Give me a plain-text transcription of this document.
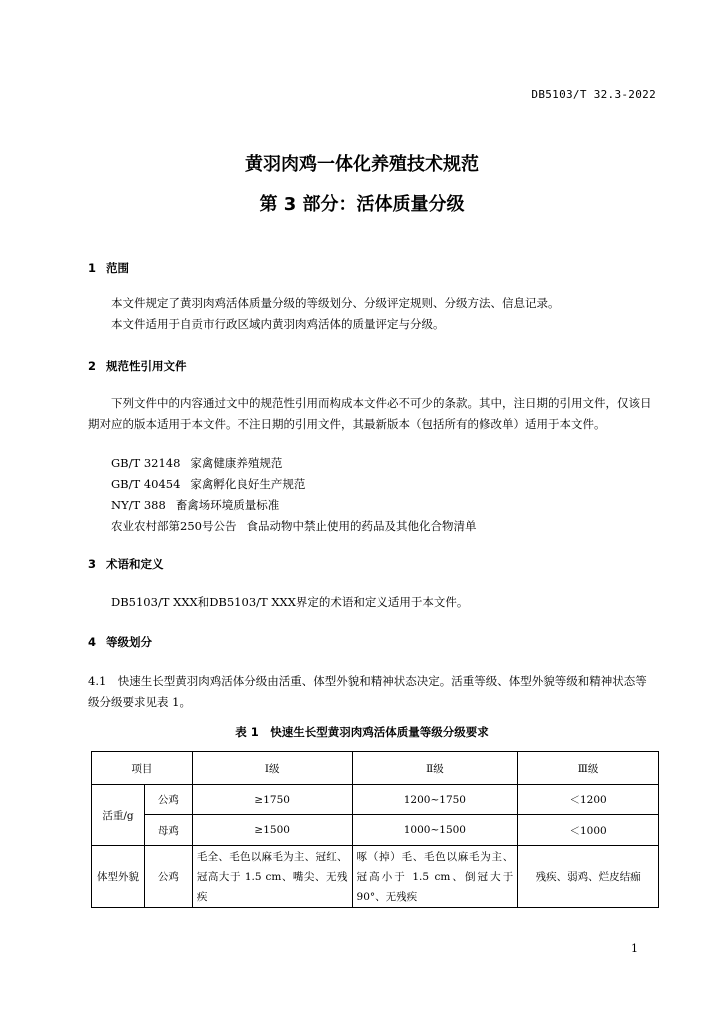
DB5103/T 32.3-2022
黄羽肉鸡一体化养殖技术规范
第 3 部分：活体质量分级
1 范围
本文件规定了黄羽肉鸡活体质量分级的等级划分、分级评定规则、分级方法、信息记录。
本文件适用于自贡市行政区域内黄羽肉鸡活体的质量评定与分级。
2 规范性引用文件
下列文件中的内容通过文中的规范性引用而构成本文件必不可少的条款。其中，注日期的引用文件，仅该日期对应的版本适用于本文件。不注日期的引用文件，其最新版本（包括所有的修改单）适用于本文件。
GB/T 32148 家禽健康养殖规范
GB/T 40454 家禽孵化良好生产规范
NY/T 388 畜禽场环境质量标准
农业农村部第250号公告 食品动物中禁止使用的药品及其他化合物清单
3 术语和定义
DB5103/T XXX和DB5103/T XXX界定的术语和定义适用于本文件。
4 等级划分
4.1　 快速生长型黄羽肉鸡活体分级由活重、体型外貌和精神状态决定。活重等级、体型外貌等级和精神状态等级分级要求见表 1。
表 1　快速生长型黄羽肉鸡活体质量等级分级要求
项目		Ⅰ级	Ⅱ级	Ⅲ级
活重/g	公鸡	≥1750	1200~1750	＜1200
	母鸡	≥1500	1000~1500	＜1000
体型外貌	公鸡	毛全、毛色以麻毛为主、冠红、冠高大于 1.5 cm、嘴尖、无残疾	啄（掉）毛、毛色以麻毛为主、冠高小于 1.5 cm、倒冠大于 90°、无残疾	残疾、弱鸡、烂皮结痂
1
